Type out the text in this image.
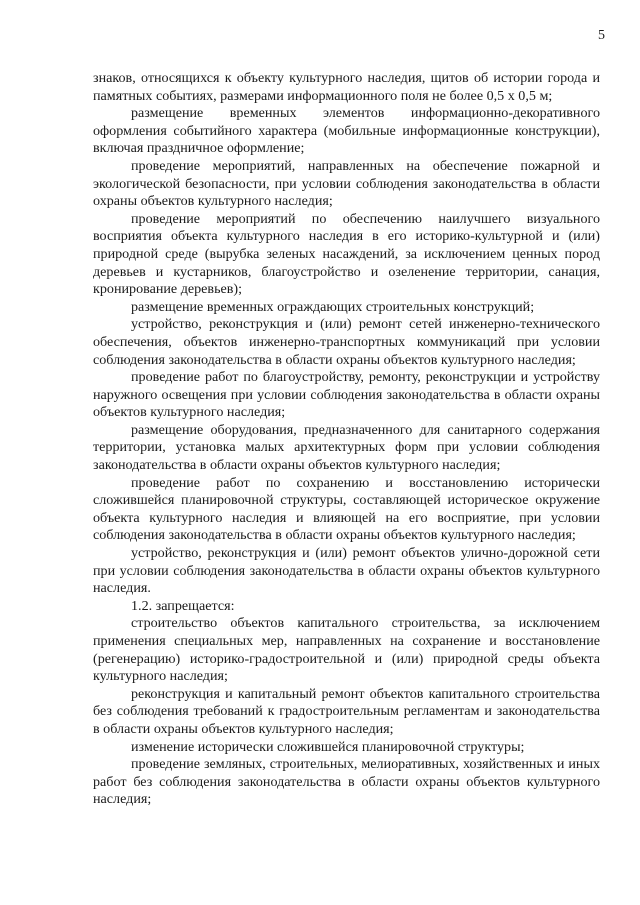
5

знаков, относящихся к объекту культурного наследия, щитов об истории города и памятных событиях, размерами информационного поля не более 0,5 х 0,5 м;

размещение временных элементов информационно-декоративного оформления событийного характера (мобильные информационные конструкции), включая праздничное оформление;

проведение мероприятий, направленных на обеспечение пожарной и экологической безопасности, при условии соблюдения законодательства в области охраны объектов культурного наследия;

проведение мероприятий по обеспечению наилучшего визуального восприятия объекта культурного наследия в его историко-культурной и (или) природной среде (вырубка зеленых насаждений, за исключением ценных пород деревьев и кустарников, благоустройство и озеленение территории, санация, кронирование деревьев);

размещение временных ограждающих строительных конструкций;

устройство, реконструкция и (или) ремонт сетей инженерно-технического обеспечения, объектов инженерно-транспортных коммуникаций при условии соблюдения законодательства в области охраны объектов культурного наследия;

проведение работ по благоустройству, ремонту, реконструкции и устройству наружного освещения при условии соблюдения законодательства в области охраны объектов культурного наследия;

размещение оборудования, предназначенного для санитарного содержания территории, установка малых архитектурных форм при условии соблюдения законодательства в области охраны объектов культурного наследия;

проведение работ по сохранению и восстановлению исторически сложившейся планировочной структуры, составляющей историческое окружение объекта культурного наследия и влияющей на его восприятие, при условии соблюдения законодательства в области охраны объектов культурного наследия;

устройство, реконструкция и (или) ремонт объектов улично-дорожной сети при условии соблюдения законодательства в области охраны объектов культурного наследия.

1.2. запрещается:

строительство объектов капитального строительства, за исключением применения специальных мер, направленных на сохранение и восстановление (регенерацию) историко-градостроительной и (или) природной среды объекта культурного наследия;

реконструкция и капитальный ремонт объектов капитального строительства без соблюдения требований к градостроительным регламентам и законодательства в области охраны объектов культурного наследия;

изменение исторически сложившейся планировочной структуры;

проведение земляных, строительных, мелиоративных, хозяйственных и иных работ без соблюдения законодательства в области охраны объектов культурного наследия;
